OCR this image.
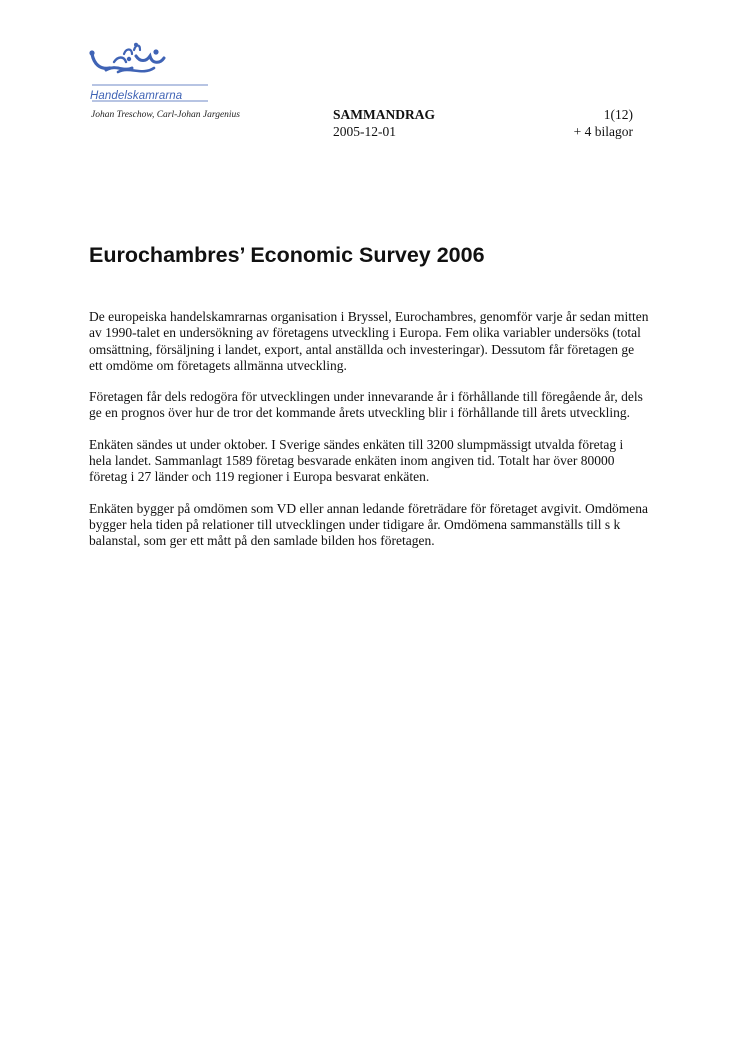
Handelskamrarna
Johan Treschow, Carl-Johan Jargenius	SAMMANDRAG
2005-12-01
1(12)
+ 4 bilagor
Eurochambres’ Economic Survey 2006

De europeiska handelskamrarnas organisation i Bryssel, Eurochambres, genomför varje år sedan mitten av 1990-talet en undersökning av företagens utveckling i Europa. Fem olika variabler undersöks (total omsättning, försäljning i landet, export, antal anställda och investeringar). Dessutom får företagen ge ett omdöme om företagets allmänna utveckling.

Företagen får dels redogöra för utvecklingen under innevarande år i förhållande till föregående år, dels ge en prognos över hur de tror det kommande årets utveckling blir i förhållande till årets utveckling.

Enkäten sändes ut under oktober. I Sverige sändes enkäten till 3200 slumpmässigt utvalda företag i hela landet. Sammanlagt 1589 företag besvarade enkäten inom angiven tid. Totalt har över 80000 företag i 27 länder och 119 regioner i Europa besvarat enkäten.

Enkäten bygger på omdömen som VD eller annan ledande företrädare för företaget avgivit. Omdömena bygger hela tiden på relationer till utvecklingen under tidigare år. Omdömena sammanställs till s k balanstal, som ger ett mått på den samlade bilden hos företagen.
